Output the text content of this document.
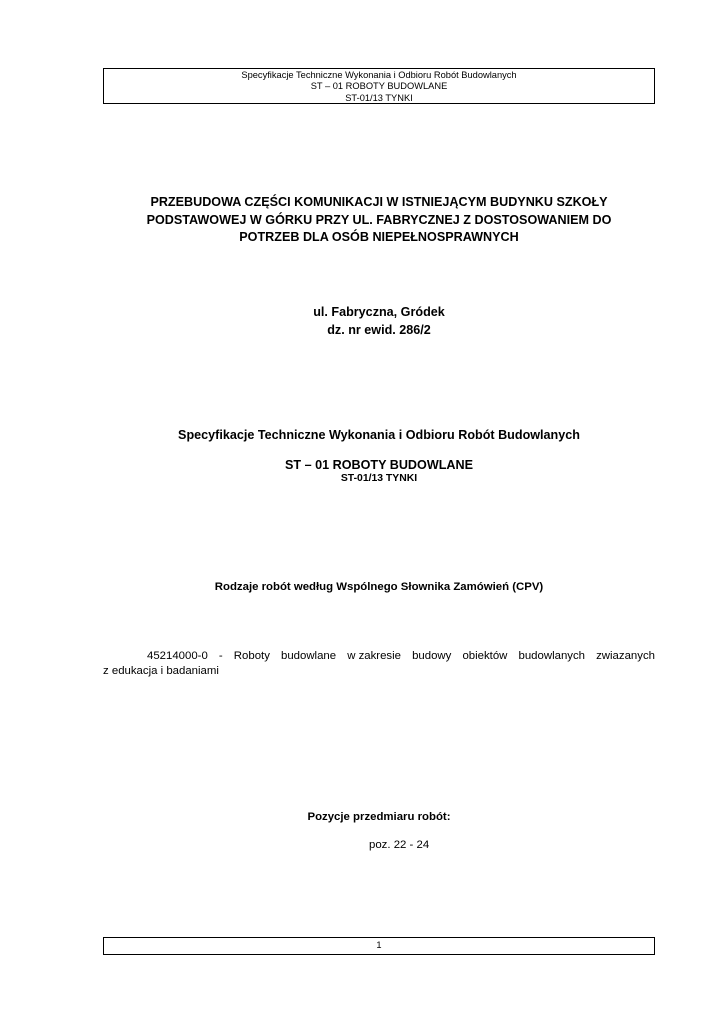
Specyfikacje Techniczne Wykonania i Odbioru Robót Budowlanych
ST – 01 ROBOTY BUDOWLANE
ST-01/13 TYNKI
PRZEBUDOWA CZĘŚCI KOMUNIKACJI W ISTNIEJĄCYM BUDYNKU SZKOŁY
PODSTAWOWEJ W GÓRKU PRZY UL. FABRYCZNEJ Z DOSTOSOWANIEM DO
POTRZEB DLA OSÓB NIEPEŁNOSPRAWNYCH
ul. Fabryczna, Gródek
dz. nr ewid. 286/2
Specyfikacje Techniczne Wykonania i Odbioru Robót Budowlanych
ST – 01 ROBOTY BUDOWLANE
ST-01/13 TYNKI
Rodzaje robót według Wspólnego Słownika Zamówień (CPV)
45214000-0 - Roboty budowlane w zakresie budowy obiektów budowlanych zwiazanych
z edukacja i badaniami
Pozycje przedmiaru robót:
poz. 22 - 24
1
